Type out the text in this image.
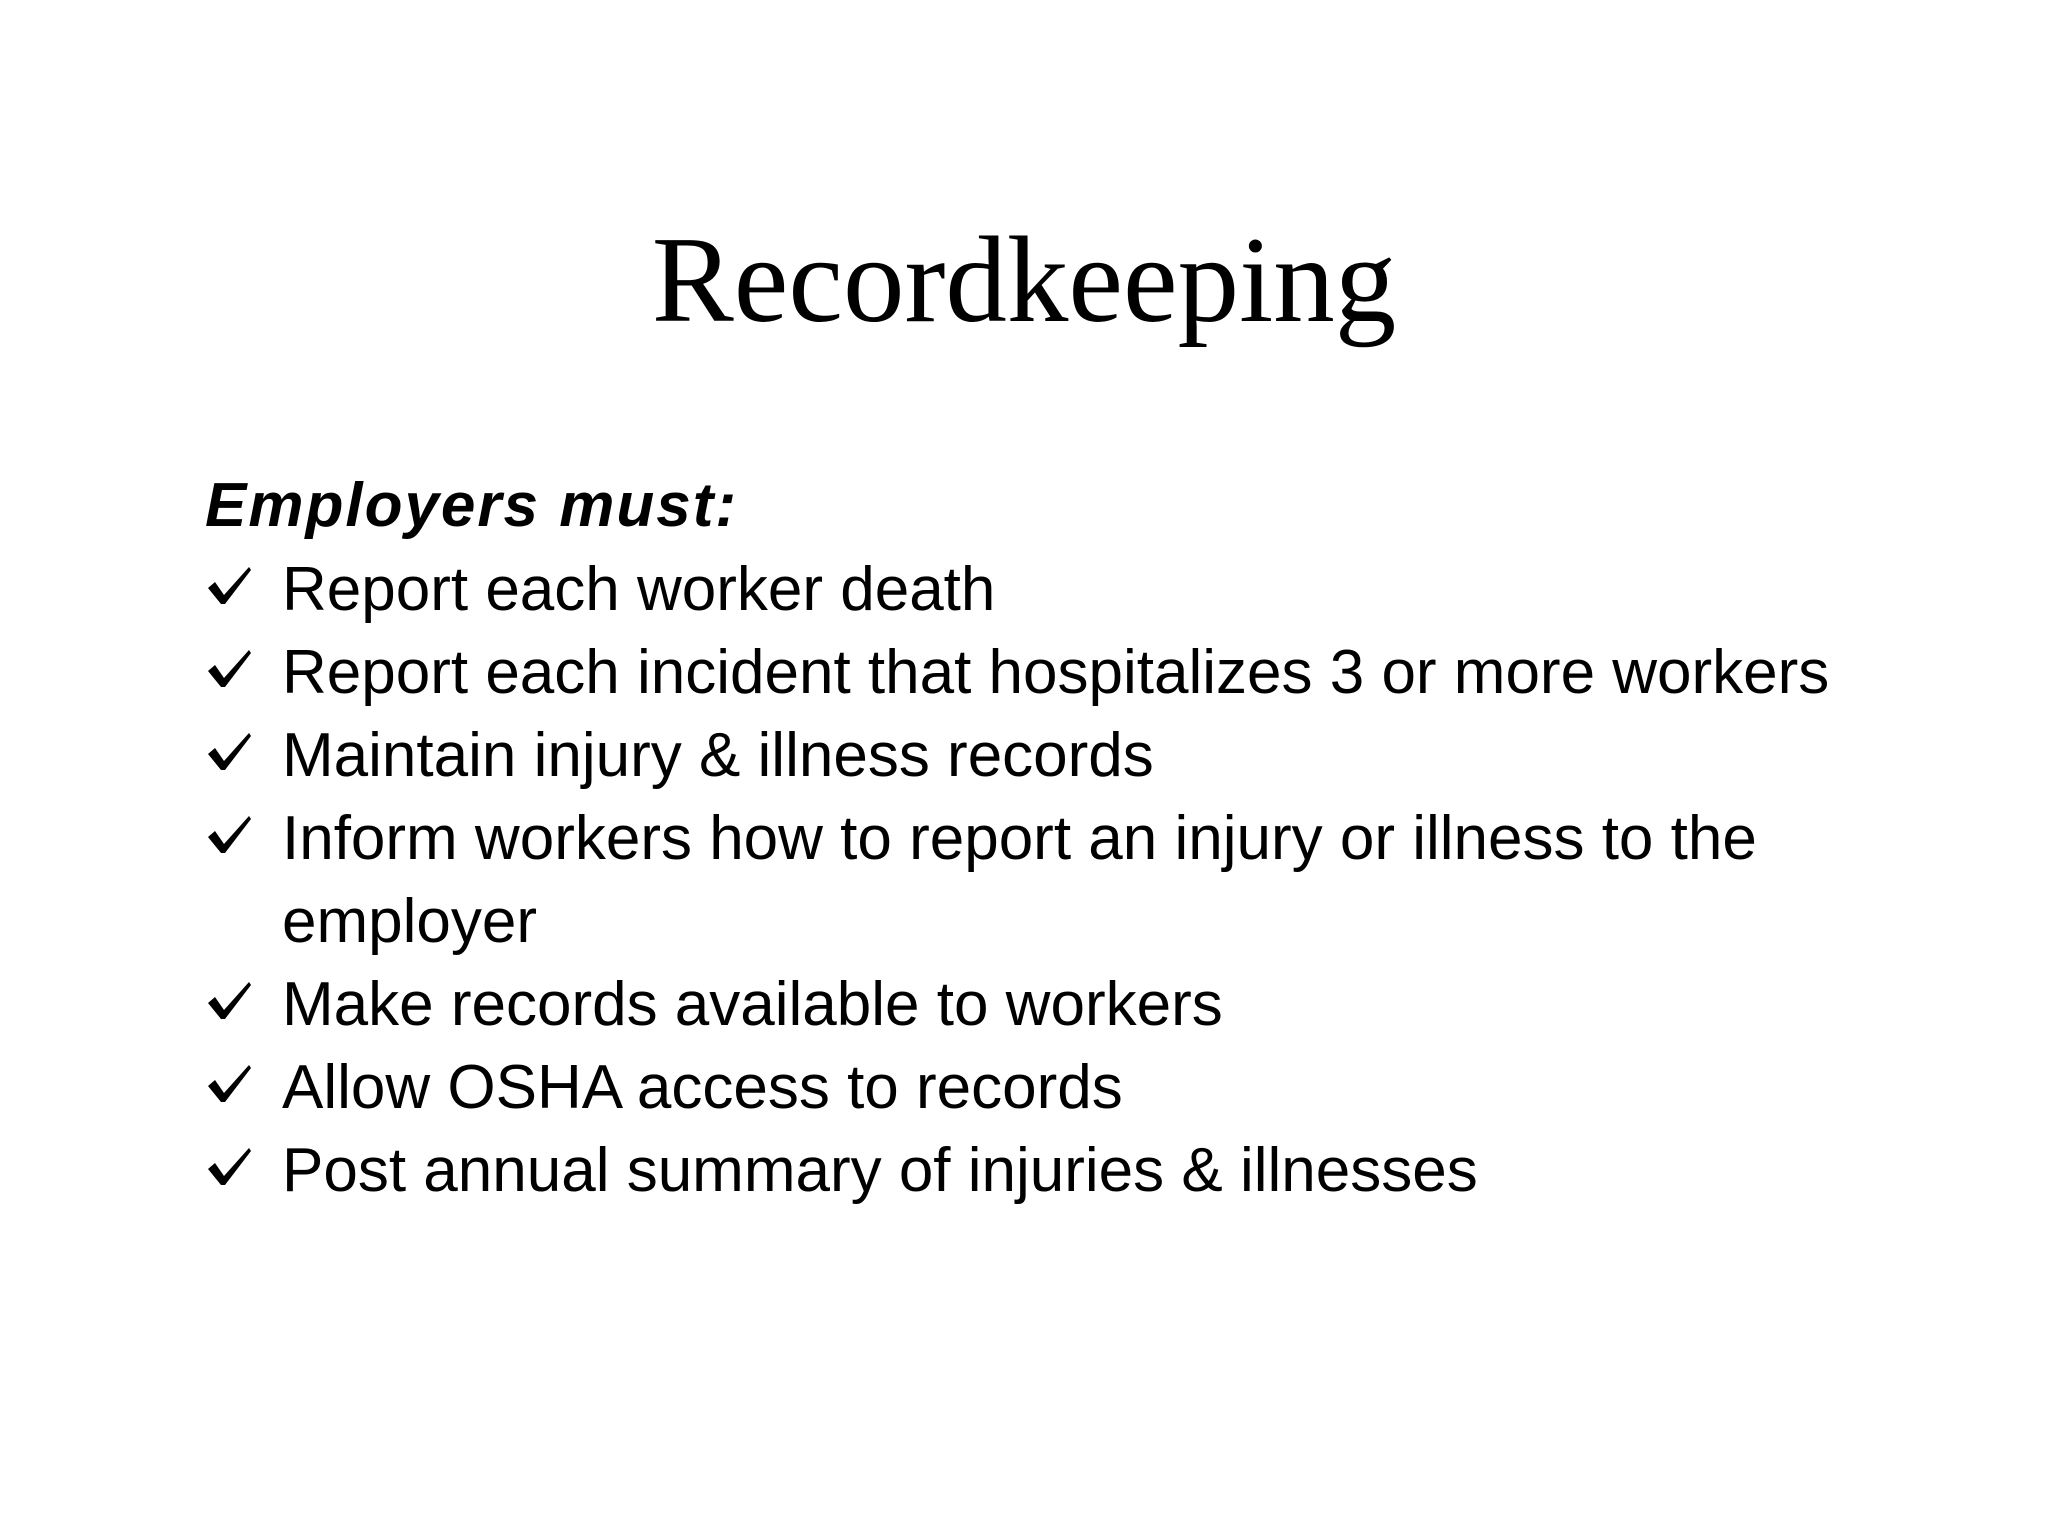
Recordkeeping

Employers must:

Report each worker death
Report each incident that hospitalizes 3 or more workers
Maintain injury & illness records
Inform workers how to report an injury or illness to the employer
Make records available to workers
Allow OSHA access to records
Post annual summary of injuries & illnesses
